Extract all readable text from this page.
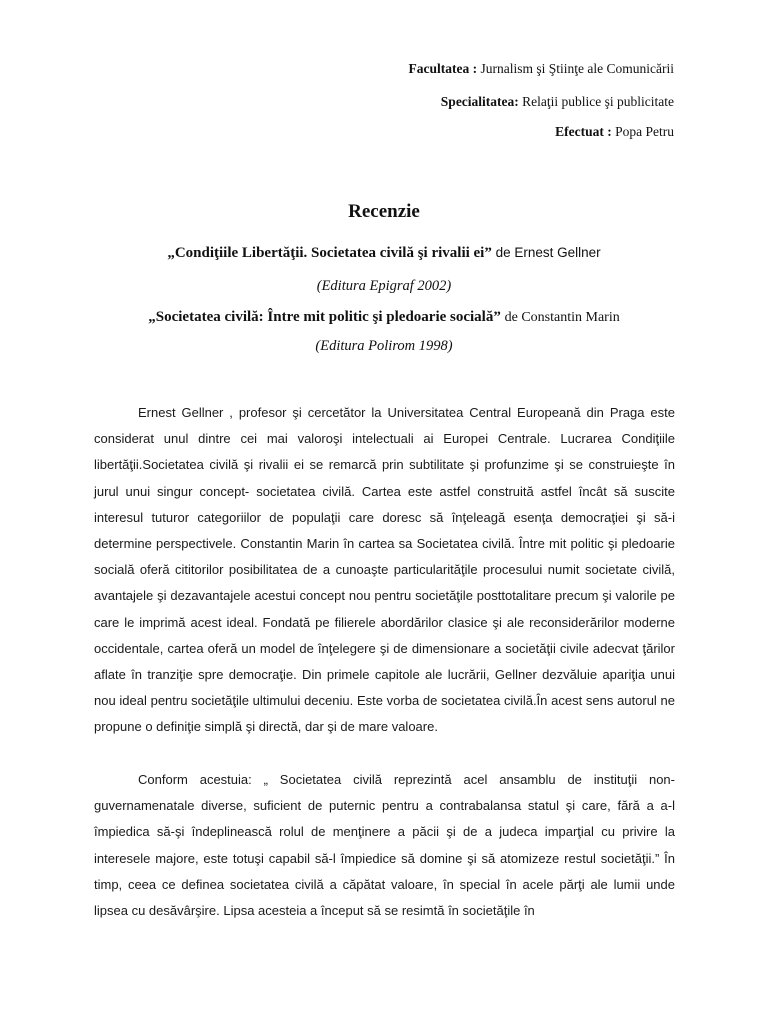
Facultatea : Jurnalism şi Ştiinţe ale Comunicării
Specialitatea: Relaţii publice şi publicitate
Efectuat : Popa Petru
Recenzie
„Condiţiile Libertăţii. Societatea civilă şi rivalii ei” de Ernest Gellner
(Editura Epigraf 2002)
„Societatea civilă: Între mit politic şi pledoarie socială” de Constantin Marin
(Editura Polirom 1998)

Ernest Gellner , profesor şi cercetător la Universitatea Central Europeană din Praga este considerat unul dintre cei mai valoroşi intelectuali ai Europei Centrale. Lucrarea Condiţiile libertăţii.Societatea civilă şi rivalii ei se remarcă prin subtilitate şi profunzime şi se construieşte în jurul unui singur concept- societatea civilă. Cartea este astfel construită astfel încât să suscite interesul tuturor categoriilor de populaţii care doresc să înţeleagă esenţa democraţiei şi să-i determine perspectivele. Constantin Marin în cartea sa Societatea civilă. Între mit politic şi pledoarie socială oferă cititorilor posibilitatea de a cunoaşte particularităţile procesului numit societate civilă, avantajele şi dezavantajele acestui concept nou pentru societăţile posttotalitare precum şi valorile pe care le imprimă acest ideal. Fondată pe filierele abordărilor clasice şi ale reconsiderărilor moderne occidentale, cartea oferă un model de înţelegere şi de dimensionare a societăţii civile adecvat ţărilor aflate în tranziţie spre democraţie. Din primele capitole ale lucrării, Gellner dezvăluie apariţia unui nou ideal pentru societăţile ultimului deceniu. Este vorba de societatea civilă.În acest sens autorul ne propune o definiţie simplă şi directă, dar şi de mare valoare.

Conform acestuia: „ Societatea civilă reprezintă acel ansamblu de instituţii non-guvernamenatale diverse, suficient de puternic pentru a contrabalansa statul şi care, fără a a-l împiedica să-şi îndeplinească rolul de menţinere a păcii şi de a judeca imparţial cu privire la interesele majore, este totuşi capabil să-l împiedice să domine şi să atomizeze restul societăţii.” În timp, ceea ce definea societatea civilă a căpătat valoare, în special în acele părţi ale lumii unde lipsea cu desăvârşire. Lipsa acesteia a început să se resimtă în societăţile în
